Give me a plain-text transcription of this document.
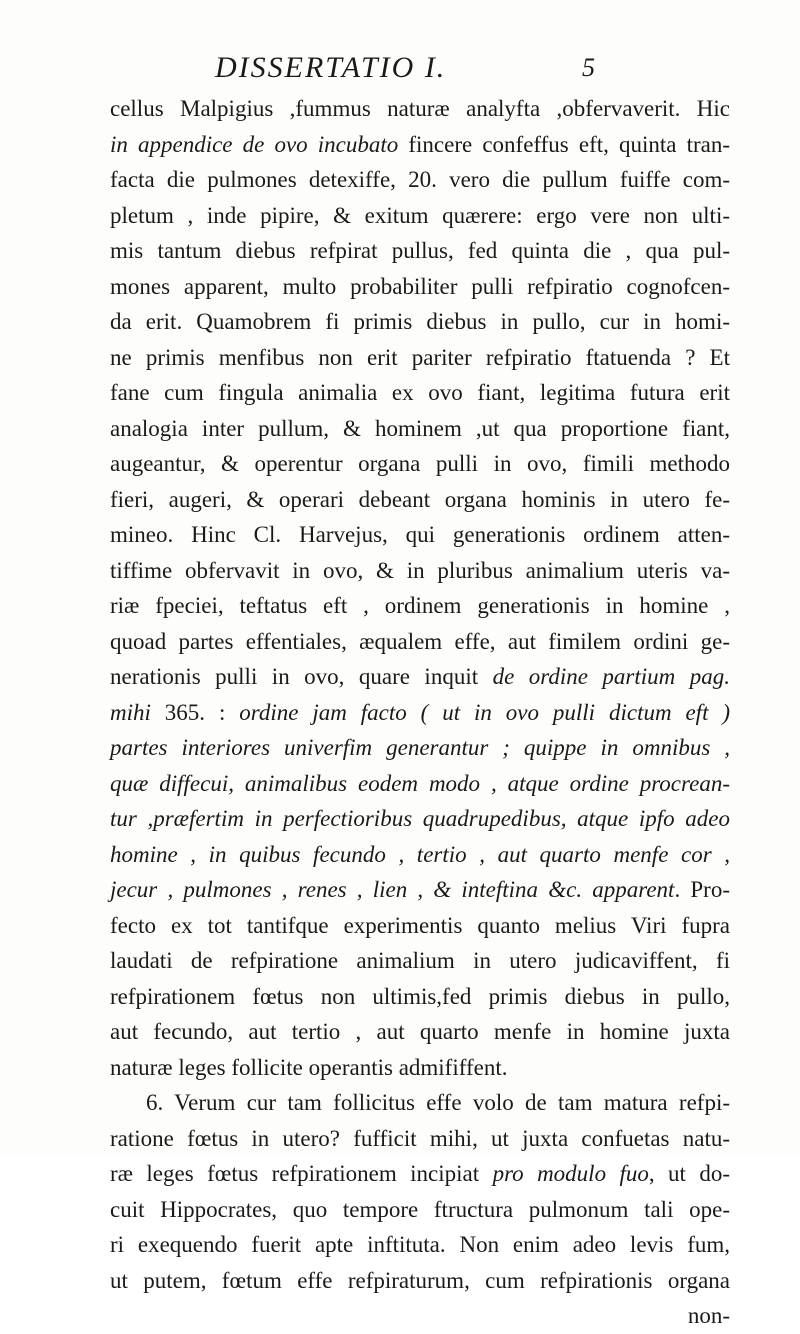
DISSERTATIO I.	5
cellus Malpigius ,fummus naturæ analyfta ,obfervaverit. Hic
in appendice de ovo incubato fincere confeffus eft, quinta tran-
facta die pulmones detexiffe, 20. vero die pullum fuiffe com-
pletum , inde pipire, & exitum quærere: ergo vere non ulti-
mis tantum diebus refpirat pullus, fed quinta die , qua pul-
mones apparent, multo probabiliter pulli refpiratio cognofcen-
da erit. Quamobrem fi primis diebus in pullo, cur in homi-
ne primis menfibus non erit pariter refpiratio ftatuenda ? Et
fane cum fingula animalia ex ovo fiant, legitima futura erit
analogia inter pullum, & hominem ,ut qua proportione fiant,
augeantur, & operentur organa pulli in ovo, fimili methodo
fieri, augeri, & operari debeant organa hominis in utero fe-
mineo. Hinc Cl. Harvejus, qui generationis ordinem atten-
tiffime obfervavit in ovo, & in pluribus animalium uteris va-
riæ fpeciei, teftatus eft , ordinem generationis in homine ,
quoad partes effentiales, æqualem effe, aut fimilem ordini ge-
nerationis pulli in ovo, quare inquit de ordine partium pag.
mihi 365. : ordine jam facto ( ut in ovo pulli dictum eft )
partes interiores univerfim generantur ; quippe in omnibus ,
quæ diffecui, animalibus eodem modo , atque ordine procrean-
tur ,præfertim in perfectioribus quadrupedibus, atque ipfo adeo
homine , in quibus fecundo , tertio , aut quarto menfe cor ,
jecur , pulmones , renes , lien , & inteftina &c. apparent. Pro-
fecto ex tot tantifque experimentis quanto melius Viri fupra
laudati de refpiratione animalium in utero judicaviffent, fi
refpirationem fœtus non ultimis,fed primis diebus in pullo,
aut fecundo, aut tertio , aut quarto menfe in homine juxta
naturæ leges follicite operantis admififfent.
6. Verum cur tam follicitus effe volo de tam matura refpi-
ratione fœtus in utero? fufficit mihi, ut juxta confuetas natu-
ræ leges fœtus refpirationem incipiat pro modulo fuo, ut do-
cuit Hippocrates, quo tempore ftructura pulmonum tali ope-
ri exequendo fuerit apte inftituta. Non enim adeo levis fum,
ut putem, fœtum effe refpiraturum, cum refpirationis organa
non-
